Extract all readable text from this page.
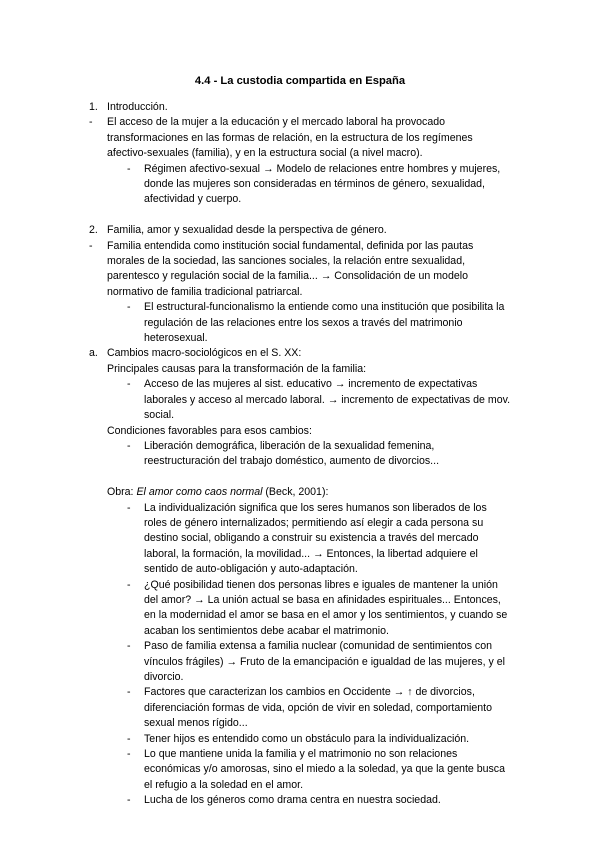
4.4 - La custodia compartida en España
1. Introducción.
- El acceso de la mujer a la educación y el mercado laboral ha provocado transformaciones en las formas de relación, en la estructura de los regímenes afectivo-sexuales (familia), y en la estructura social (a nivel macro).
- Régimen afectivo-sexual → Modelo de relaciones entre hombres y mujeres, donde las mujeres son consideradas en términos de género, sexualidad, afectividad y cuerpo.
2. Familia, amor y sexualidad desde la perspectiva de género.
- Familia entendida como institución social fundamental, definida por las pautas morales de la sociedad, las sanciones sociales, la relación entre sexualidad, parentesco y regulación social de la familia... → Consolidación de un modelo normativo de familia tradicional patriarcal.
- El estructural-funcionalismo la entiende como una institución que posibilita la regulación de las relaciones entre los sexos a través del matrimonio heterosexual.
a. Cambios macro-sociológicos en el S. XX:
Principales causas para la transformación de la familia:
- Acceso de las mujeres al sist. educativo → incremento de expectativas laborales y acceso al mercado laboral. → incremento de expectativas de mov. social.
Condiciones favorables para esos cambios:
- Liberación demográfica, liberación de la sexualidad femenina, reestructuración del trabajo doméstico, aumento de divorcios...
Obra: El amor como caos normal (Beck, 2001):
- La individualización significa que los seres humanos son liberados de los roles de género internalizados; permitiendo así elegir a cada persona su destino social, obligando a construir su existencia a través del mercado laboral, la formación, la movilidad... → Entonces, la libertad adquiere el sentido de auto-obligación y auto-adaptación.
- ¿Qué posibilidad tienen dos personas libres e iguales de mantener la unión del amor? → La unión actual se basa en afinidades espirituales... Entonces, en la modernidad el amor se basa en el amor y los sentimientos, y cuando se acaban los sentimientos debe acabar el matrimonio.
- Paso de familia extensa a familia nuclear (comunidad de sentimientos con vínculos frágiles) → Fruto de la emancipación e igualdad de las mujeres, y el divorcio.
- Factores que caracterizan los cambios en Occidente → ↑ de divorcios, diferenciación formas de vida, opción de vivir en soledad, comportamiento sexual menos rígido...
- Tener hijos es entendido como un obstáculo para la individualización.
- Lo que mantiene unida la familia y el matrimonio no son relaciones económicas y/o amorosas, sino el miedo a la soledad, ya que la gente busca el refugio a la soledad en el amor.
- Lucha de los géneros como drama centra en nuestra sociedad.
